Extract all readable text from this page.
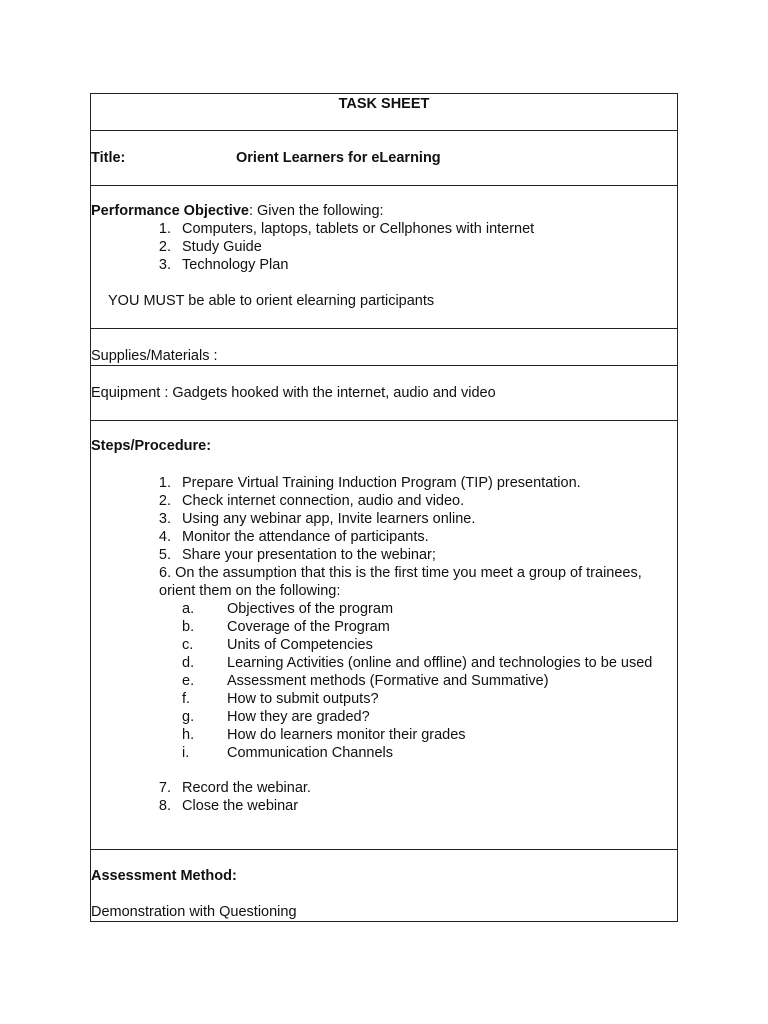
TASK SHEET
Title:	Orient Learners for eLearning
Performance Objective: Given the following:
1. Computers, laptops, tablets or Cellphones with internet
2. Study Guide
3. Technology Plan
YOU MUST be able to orient elearning participants
Supplies/Materials :
Equipment : Gadgets hooked with the internet, audio and video
Steps/Procedure:
1. Prepare Virtual Training Induction Program (TIP) presentation.
2. Check internet connection, audio and video.
3. Using any webinar app, Invite learners online.
4. Monitor the attendance of participants.
5. Share your presentation to the webinar;
6. On the assumption that this is the first time you meet a group of trainees,
orient them on the following:
a. Objectives of the program
b. Coverage of the Program
c. Units of Competencies
d. Learning Activities (online and offline) and technologies to be used
e. Assessment methods (Formative and Summative)
f.	How to submit outputs?
g. How they are graded?
h. How do learners monitor their grades
i.	Communication Channels
7. Record the webinar.
8. Close the webinar
Assessment Method:
Demonstration with Questioning
